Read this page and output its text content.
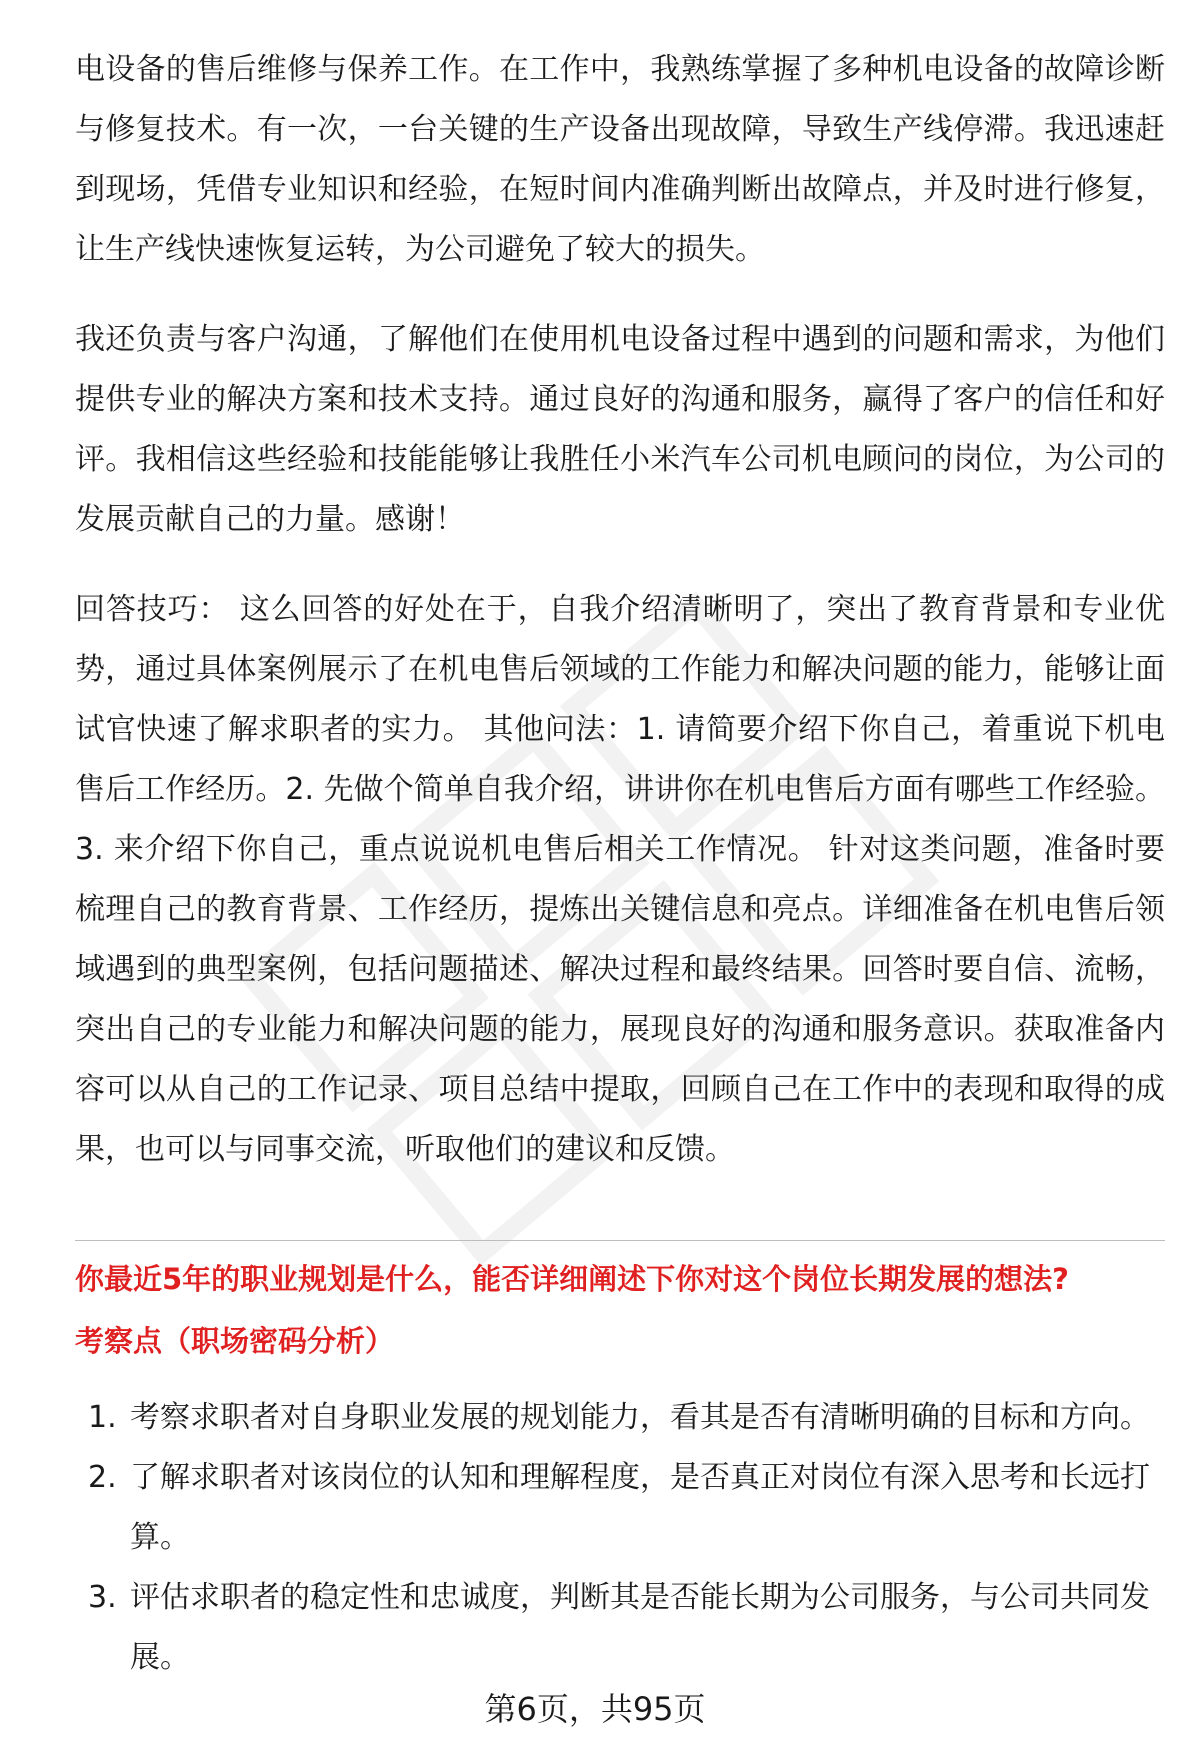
电设备的售后维修与保养工作。在工作中，我熟练掌握了多种机电设备的故障诊断与修复技术。有一次，一台关键的生产设备出现故障，导致生产线停滞。我迅速赶到现场，凭借专业知识和经验，在短时间内准确判断出故障点，并及时进行修复，让生产线快速恢复运转，为公司避免了较大的损失。

我还负责与客户沟通，了解他们在使用机电设备过程中遇到的问题和需求，为他们提供专业的解决方案和技术支持。通过良好的沟通和服务，赢得了客户的信任和好评。我相信这些经验和技能能够让我胜任小米汽车公司机电顾问的岗位，为公司的发展贡献自己的力量。感谢！

回答技巧： 这么回答的好处在于，自我介绍清晰明了，突出了教育背景和专业优势，通过具体案例展示了在机电售后领域的工作能力和解决问题的能力，能够让面试官快速了解求职者的实力。 其他问法：1. 请简要介绍下你自己，着重说下机电售后工作经历。2. 先做个简单自我介绍，讲讲你在机电售后方面有哪些工作经验。3. 来介绍下你自己，重点说说机电售后相关工作情况。 针对这类问题，准备时要梳理自己的教育背景、工作经历，提炼出关键信息和亮点。详细准备在机电售后领域遇到的典型案例，包括问题描述、解决过程和最终结果。回答时要自信、流畅，突出自己的专业能力和解决问题的能力，展现良好的沟通和服务意识。获取准备内容可以从自己的工作记录、项目总结中提取，回顾自己在工作中的表现和取得的成果，也可以与同事交流，听取他们的建议和反馈。

你最近5年的职业规划是什么，能否详细阐述下你对这个岗位长期发展的想法?
考察点（职场密码分析）
1. 考察求职者对自身职业发展的规划能力，看其是否有清晰明确的目标和方向。
2. 了解求职者对该岗位的认知和理解程度，是否真正对岗位有深入思考和长远打算。
3. 评估求职者的稳定性和忠诚度，判断其是否能长期为公司服务，与公司共同发展。
第6页，共95页
